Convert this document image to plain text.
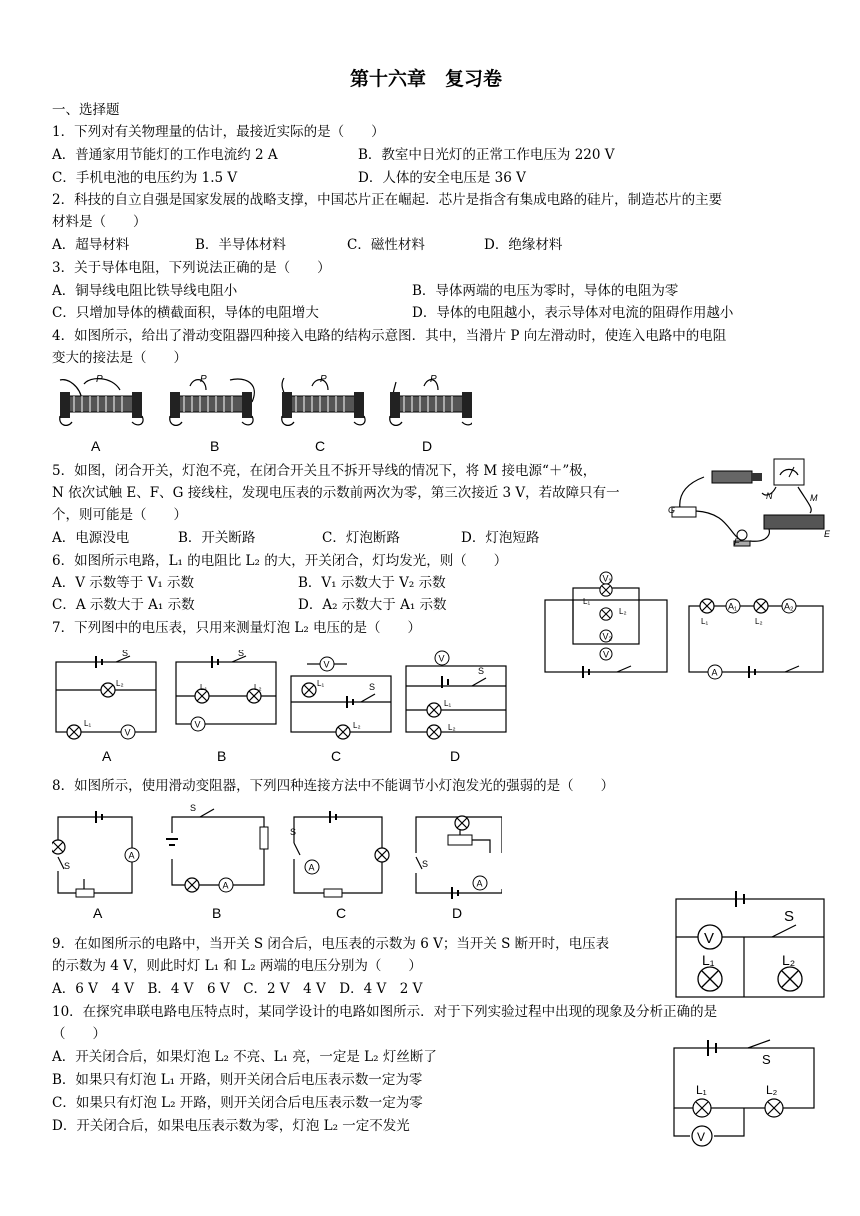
第十六章　复习卷
一、选择题
1．下列对有关物理量的估计，最接近实际的是（　　）
A．普通家用节能灯的工作电流约 2 A	B．教室中日光灯的正常工作电压为 220 V
C．手机电池的电压约为 1.5 V	D．人体的安全电压是 36 V
2．科技的自立自强是国家发展的战略支撑，中国芯片正在崛起．芯片是指含有集成电路的硅片，制造芯片的主要
材料是（　　）
A．超导材料	B．半导体材料	C．磁性材料	D．绝缘材料
3．关于导体电阻，下列说法正确的是（　　）
A．铜导线电阻比铁导线电阻小	B．导体两端的电压为零时，导体的电阻为零
C．只增加导体的横截面积，导体的电阻增大	D．导体的电阻越小，表示导体对电流的阻碍作用越小
4．如图所示，给出了滑动变阻器四种接入电路的结构示意图．其中，当滑片 P 向左滑动时，使连入电路中的电阻
变大的接法是（　　）
P	P	P	P
A	B	C	D
5．如图，闭合开关，灯泡不亮，在闭合开关且不拆开导线的情况下，将 M 接电源“＋”极，
N 依次试触 E、F、G 接线柱，发现电压表的示数前两次为零，第三次接近 3 V，若故障只有一
个，则可能是（　　）
A．电源没电	B．开关断路	C．灯泡断路	D．灯泡短路
G
F
E
M
N
6．如图所示电路，L₁ 的电阻比 L₂ 的大，开关闭合，灯均发光，则（　　）
A．V 示数等于 V₁ 示数	B．V₁ 示数大于 V₂ 示数
C．A 示数大于 A₁ 示数	D．A₂ 示数大于 A₁ 示数
V₁
L₁
L₂
V₂
V
A₁	A₂
L₁	L₂
A
7．下列图中的电压表，只用来测量灯泡 L₂ 电压的是（　　）
S
L₂
L₁
V
S
L₁	L₂
V
V
L₁	S
L₂
V
S
L₁
L₂
A	B	C	D
8．如图所示，使用滑动变阻器，下列四种连接方法中不能调节小灯泡发光的强弱的是（　　）
S
A
S
A
S
A	S
A
A	B	C	D
V
S
L₁	L₂
9．在如图所示的电路中，当开关 S 闭合后，电压表的示数为 6 V；当开关 S 断开时，电压表
的示数为 4 V，则此时灯 L₁ 和 L₂ 两端的电压分别为（　　）
A．6 V　4 V　B．4 V　6 V　C．2 V　4 V　D．4 V　2 V
10．在探究串联电路电压特点时，某同学设计的电路如图所示．对于下列实验过程中出现的现象及分析正确的是
（　　）
A．开关闭合后，如果灯泡 L₂ 不亮、L₁ 亮，一定是 L₂ 灯丝断了
B．如果只有灯泡 L₁ 开路，则开关闭合后电压表示数一定为零
C．如果只有灯泡 L₂ 开路，则开关闭合后电压表示数一定为零
D．开关闭合后，如果电压表示数为零，灯泡 L₂ 一定不发光
S
L₁	L₂
V
